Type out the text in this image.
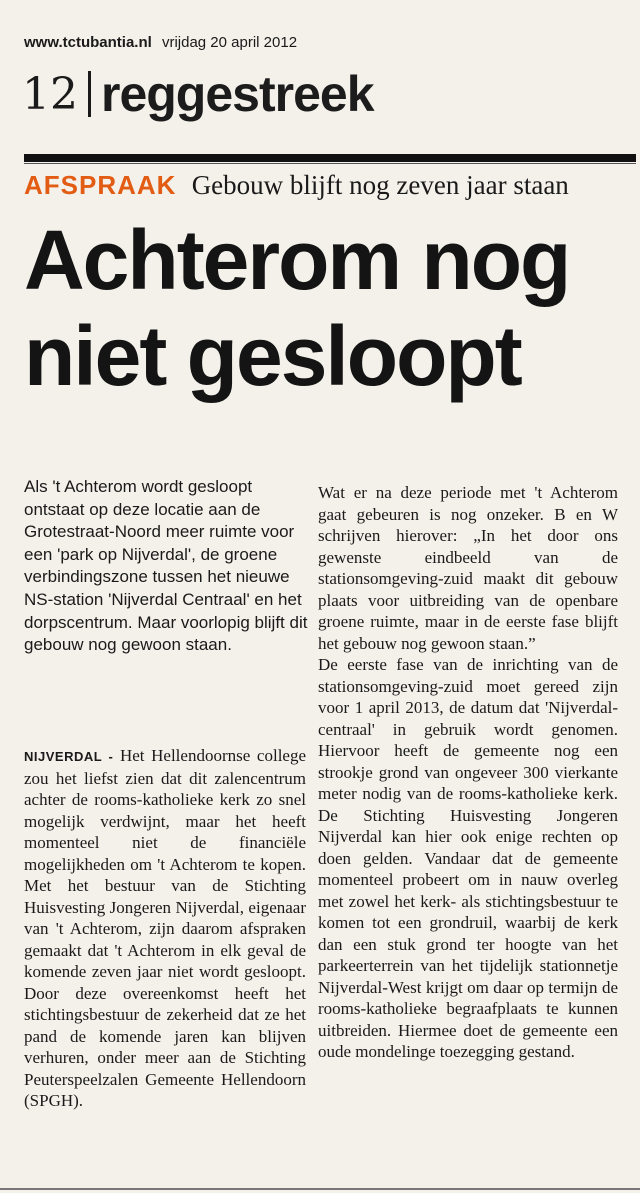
www.tctubantia.nl vrijdag 20 april 2012
12 reggestreek
AFSPRAAK Gebouw blijft nog zeven jaar staan
Achterom nog
niet gesloopt

Als 't Achterom wordt gesloopt ontstaat op deze locatie aan de Grotestraat-Noord meer ruimte voor een 'park op Nijverdal', de groene verbindingszone tussen het nieuwe NS-station 'Nijverdal Centraal' en het dorpscentrum. Maar voorlopig blijft dit gebouw nog gewoon staan.

NIJVERDAL - Het Hellendoornse college zou het liefst zien dat dit zalencentrum achter de rooms-katholieke kerk zo snel mogelijk verdwijnt, maar het heeft momenteel niet de financiële mogelijkheden om 't Achterom te kopen. Met het bestuur van de Stichting Huisvesting Jongeren Nijverdal, eigenaar van 't Achterom, zijn daarom afspraken gemaakt dat 't Achterom in elk geval de komende zeven jaar niet wordt gesloopt. Door deze overeenkomst heeft het stichtingsbestuur de zekerheid dat ze het pand de komende jaren kan blijven verhuren, onder meer aan de Stichting Peuterspeelzalen Gemeente Hellendoorn (SPGH).

Wat er na deze periode met 't Achterom gaat gebeuren is nog onzeker. B en W schrijven hierover: „In het door ons gewenste eindbeeld van de stationsomgeving-zuid maakt dit gebouw plaats voor uitbreiding van de openbare groene ruimte, maar in de eerste fase blijft het gebouw nog gewoon staan.”

De eerste fase van de inrichting van de stationsomgeving-zuid moet gereed zijn voor 1 april 2013, de datum dat 'Nijverdal-centraal' in gebruik wordt genomen. Hiervoor heeft de gemeente nog een strookje grond van ongeveer 300 vierkante meter nodig van de rooms-katholieke kerk. De Stichting Huisvesting Jongeren Nijverdal kan hier ook enige rechten op doen gelden. Vandaar dat de gemeente momenteel probeert om in nauw overleg met zowel het kerk- als stichtingsbestuur te komen tot een grondruil, waarbij de kerk dan een stuk grond ter hoogte van het parkeerterrein van het tijdelijk stationnetje Nijverdal-West krijgt om daar op termijn de rooms-katholieke begraafplaats te kunnen uitbreiden. Hiermee doet de gemeente een oude mondelinge toezegging gestand.
